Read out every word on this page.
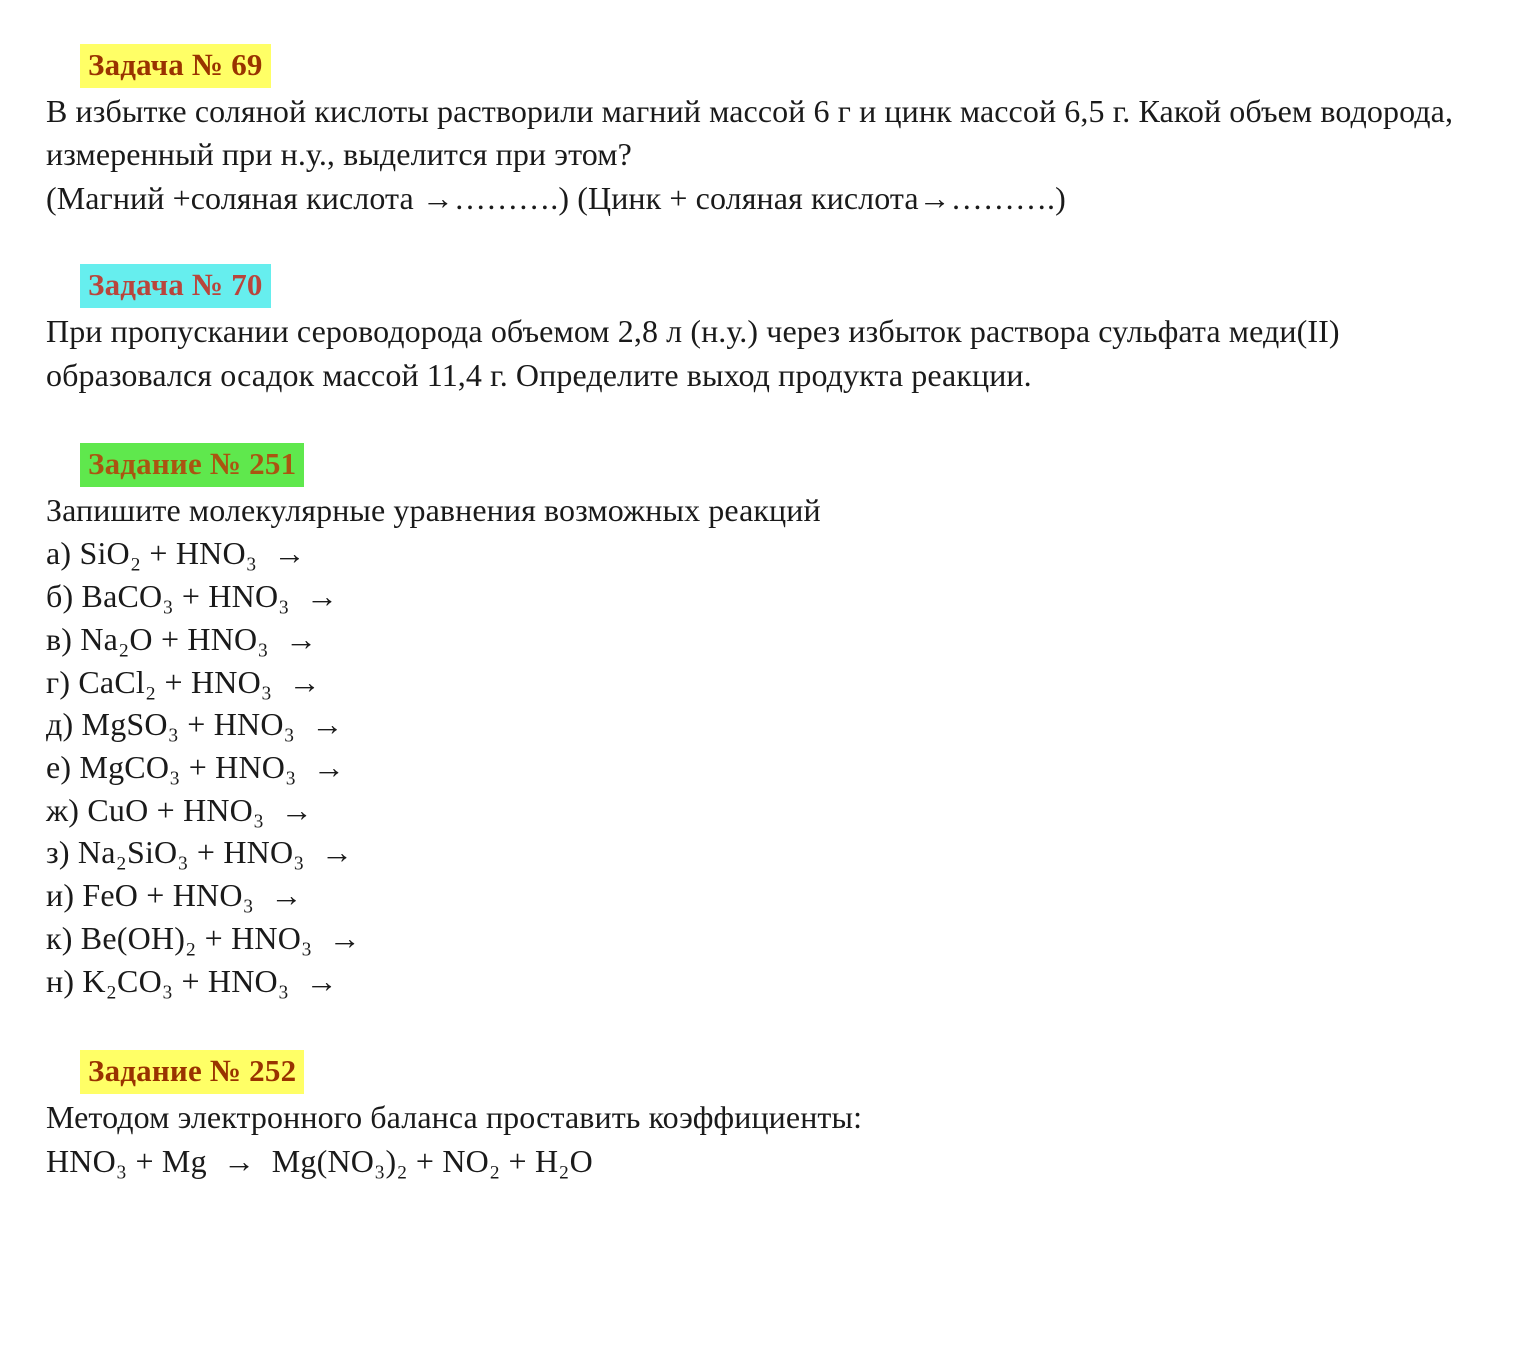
Задача № 69

В избытке соляной кислоты растворили магний массой 6 г и цинк массой 6,5 г. Какой объем водорода, измеренный при н.у., выделится при этом?

(Магний +соляная кислота →……….) (Цинк + соляная кислота→……….)

Задача № 70

При пропускании сероводорода объемом 2,8 л (н.у.) через избыток раствора сульфата меди(II) образовался осадок массой 11,4 г. Определите выход продукта реакции.

Задание № 251

Запишите молекулярные уравнения возможных реакций

а) SiO₂ + HNO₃  →
б) BaCO₃ + HNO₃  →
в) Na₂O + HNO₃  →
г) CaCl₂ + HNO₃  →
д) MgSO₃ + HNO₃  →
е) MgCO₃ + HNO₃  →
ж) CuO + HNO₃  →
з) Na₂SiO₃ + HNO₃  →
и) FeO + HNO₃  →
к) Be(OH)₂ + HNO₃  →
н) K₂CO₃ + HNO₃  →
Задание № 252

Методом электронного баланса проставить коэффициенты:

HNO₃ + Mg  →  Mg(NO₃)₂ + NO₂ + H₂O
